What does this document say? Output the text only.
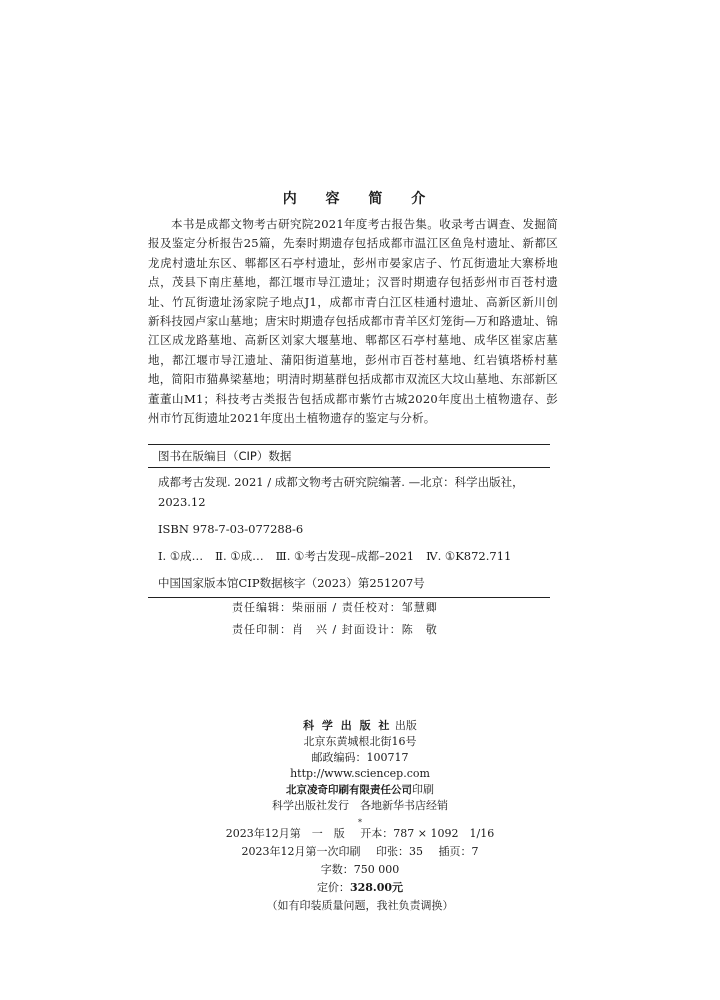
内 容 简 介

本书是成都文物考古研究院2021年度考古报告集。收录考古调查、发掘简报及鉴定分析报告25篇，先秦时期遗存包括成都市温江区鱼凫村遗址、新都区龙虎村遗址东区、郫都区石亭村遗址，彭州市晏家店子、竹瓦街遗址大寨桥地点，茂县下南庄墓地，都江堰市导江遗址；汉晋时期遗存包括彭州市百苍村遗址、竹瓦街遗址汤家院子地点J1，成都市青白江区桂通村遗址、高新区新川创新科技园卢家山墓地；唐宋时期遗存包括成都市青羊区灯笼街—万和路遗址、锦江区成龙路墓地、高新区刘家大堰墓地、郫都区石亭村墓地、成华区崔家店墓地，都江堰市导江遗址、蒲阳街道墓地，彭州市百苍村墓地、红岩镇塔桥村墓地，简阳市猫鼻梁墓地；明清时期墓群包括成都市双流区大坟山墓地、东部新区董董山M1；科技考古类报告包括成都市紫竹古城2020年度出土植物遗存、彭州市竹瓦街遗址2021年度出土植物遗存的鉴定与分析。

图书在版编目（CIP）数据
成都考古发现. 2021 / 成都文物考古研究院编著. —北京：科学出版社，
2023.12
ISBN 978-7-03-077288-6
Ⅰ. ①成… Ⅱ. ①成… Ⅲ. ①考古发现–成都–2021 Ⅳ. ①K872.711
中国国家版本馆CIP数据核字（2023）第251207号
责任编辑：柴丽丽 / 责任校对：邹慧卿
责任印制：肖　兴 / 封面设计：陈　敬
科 学 出 版 社 出版
北京东黄城根北街16号
邮政编码：100717
http://www.sciencep.com
北京凌奇印刷有限责任公司印刷
科学出版社发行　各地新华书店经销
*
2023年12月第　一　版 开本：787 × 1092　1/16
2023年12月第一次印刷 印张：35 插页：7
字数：750 000
定价：328.00元
（如有印装质量问题，我社负责调换）
